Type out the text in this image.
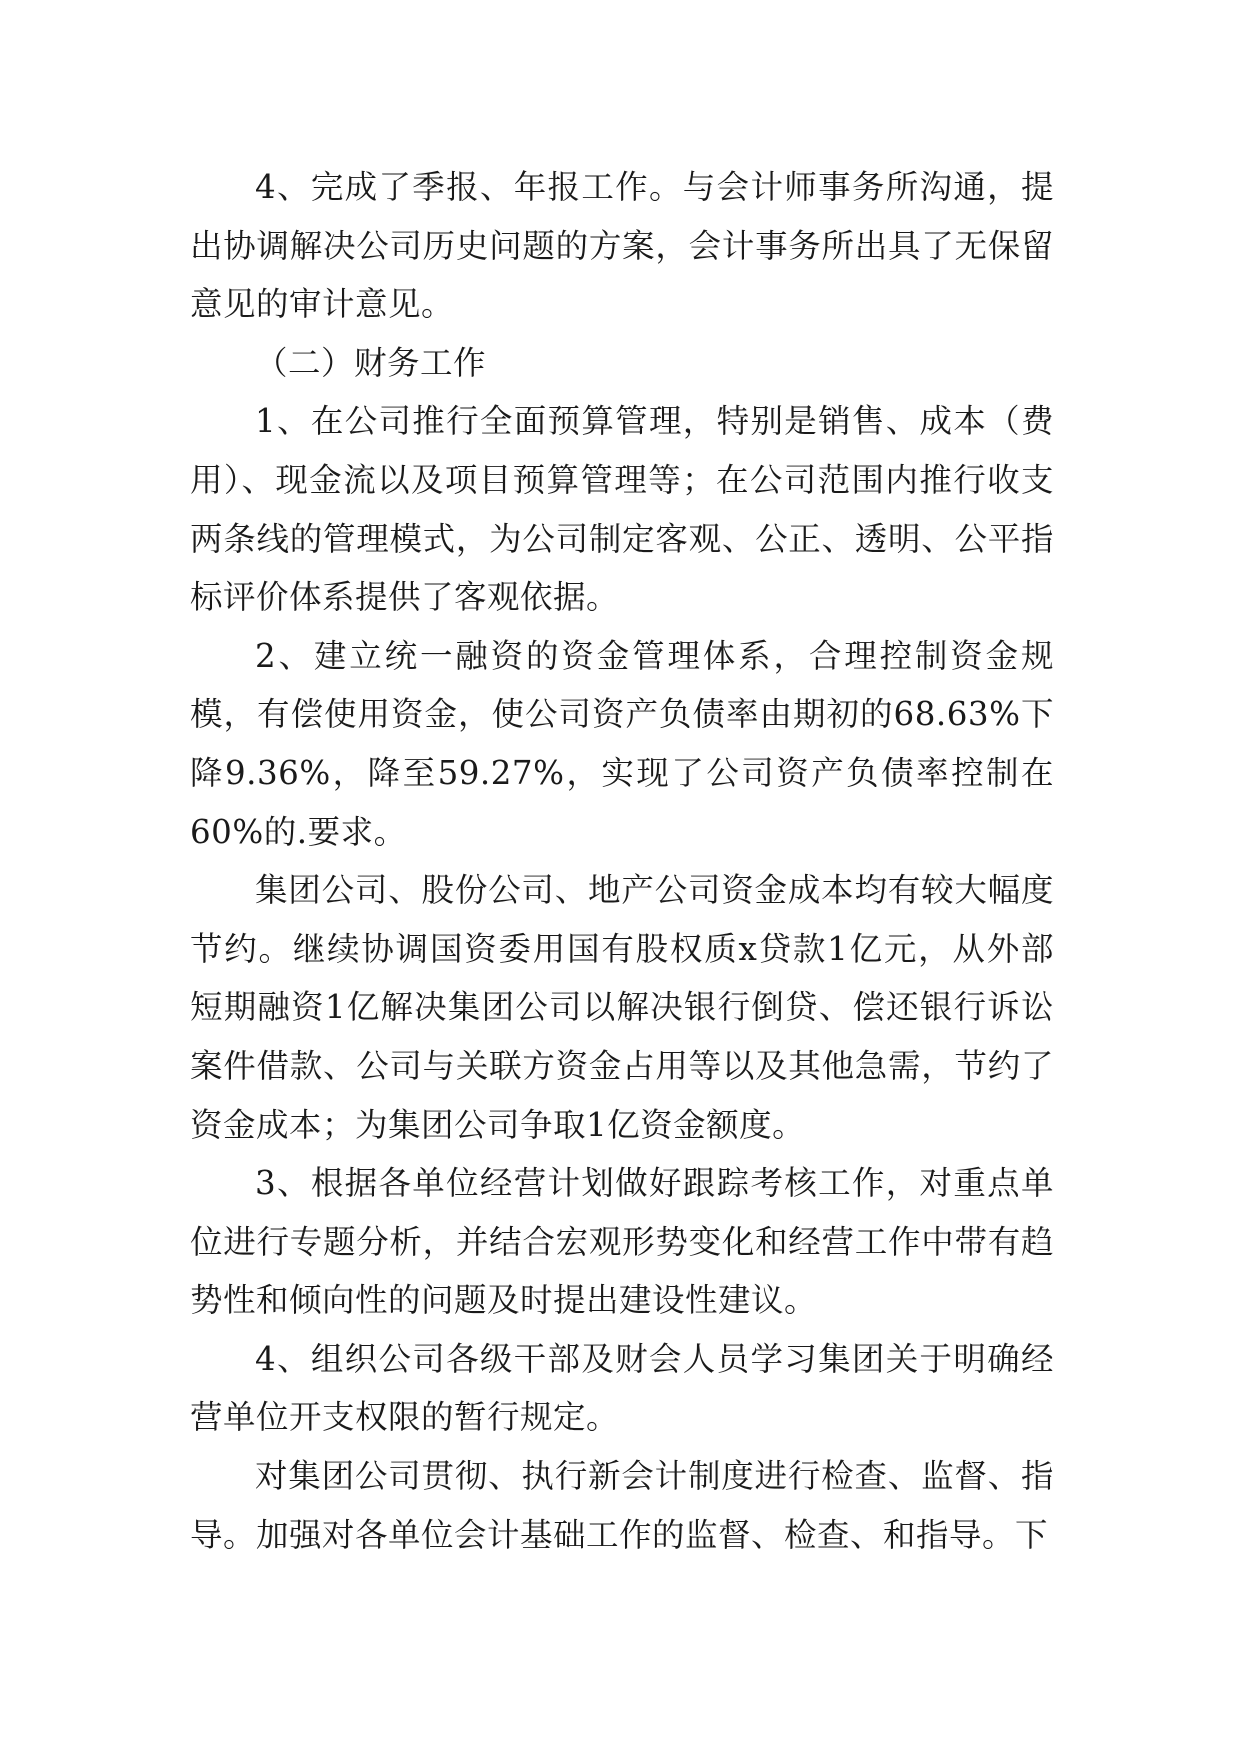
4、完成了季报、年报工作。与会计师事务所沟通，提出协调解决公司历史问题的方案，会计事务所出具了无保留意见的审计意见。

（二）财务工作

1、在公司推行全面预算管理，特别是销售、成本（费用）、现金流以及项目预算管理等；在公司范围内推行收支两条线的管理模式，为公司制定客观、公正、透明、公平指标评价体系提供了客观依据。

2、建立统一融资的资金管理体系，合理控制资金规模，有偿使用资金，使公司资产负债率由期初的68.63%下降9.36%，降至59.27%，实现了公司资产负债率控制在60%的.要求。

集团公司、股份公司、地产公司资金成本均有较大幅度节约。继续协调国资委用国有股权质x贷款1亿元，从外部短期融资1亿解决集团公司以解决银行倒贷、偿还银行诉讼案件借款、公司与关联方资金占用等以及其他急需，节约了资金成本；为集团公司争取1亿资金额度。

3、根据各单位经营计划做好跟踪考核工作，对重点单位进行专题分析，并结合宏观形势变化和经营工作中带有趋势性和倾向性的问题及时提出建设性建议。

4、组织公司各级干部及财会人员学习集团关于明确经营单位开支权限的暂行规定。

对集团公司贯彻、执行新会计制度进行检查、监督、指导。加强对各单位会计基础工作的监督、检查、和指导。下
